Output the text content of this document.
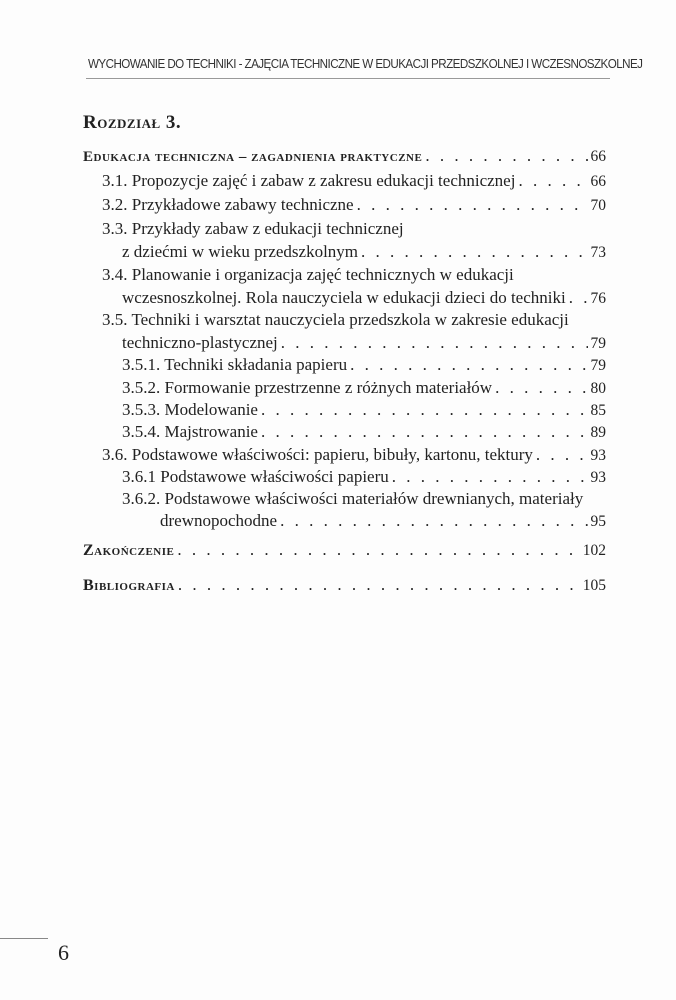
WYCHOWANIE DO TECHNIKI - ZAJĘCIA TECHNICZNE W EDUKACJI PRZEDSZKOLNEJ I WCZESNOSZKOLNEJ
Rozdział 3.
Edukacja techniczna – zagadnienia praktyczne . . .	66
3.1. Propozycje zajęć i zabaw z zakresu edukacji technicznej . . .	66
3.2. Przykładowe zabawy techniczne . . .	70
3.3. Przykłady zabaw z edukacji technicznej
z dziećmi w wieku przedszkolnym . . .	73
3.4. Planowanie i organizacja zajęć technicznych w edukacji
wczesnoszkolnej. Rola nauczyciela w edukacji dzieci do techniki . . . 76
3.5. Techniki i warsztat nauczyciela przedszkola w zakresie edukacji
techniczno-plastycznej . . .	79
3.5.1. Techniki składania papieru . . .	79
3.5.2. Formowanie przestrzenne z różnych materiałów . . .	80
3.5.3. Modelowanie . . .	85
3.5.4. Majstrowanie . . .	89
3.6. Podstawowe właściwości: papieru, bibuły, kartonu, tektury . . .	93
3.6.1 Podstawowe właściwości papieru . . .	93
3.6.2. Podstawowe właściwości materiałów drewnianych, materiały
drewnopochodne . . .	95
Zakończenie . . .	102
Bibliografia . . .	105
6
